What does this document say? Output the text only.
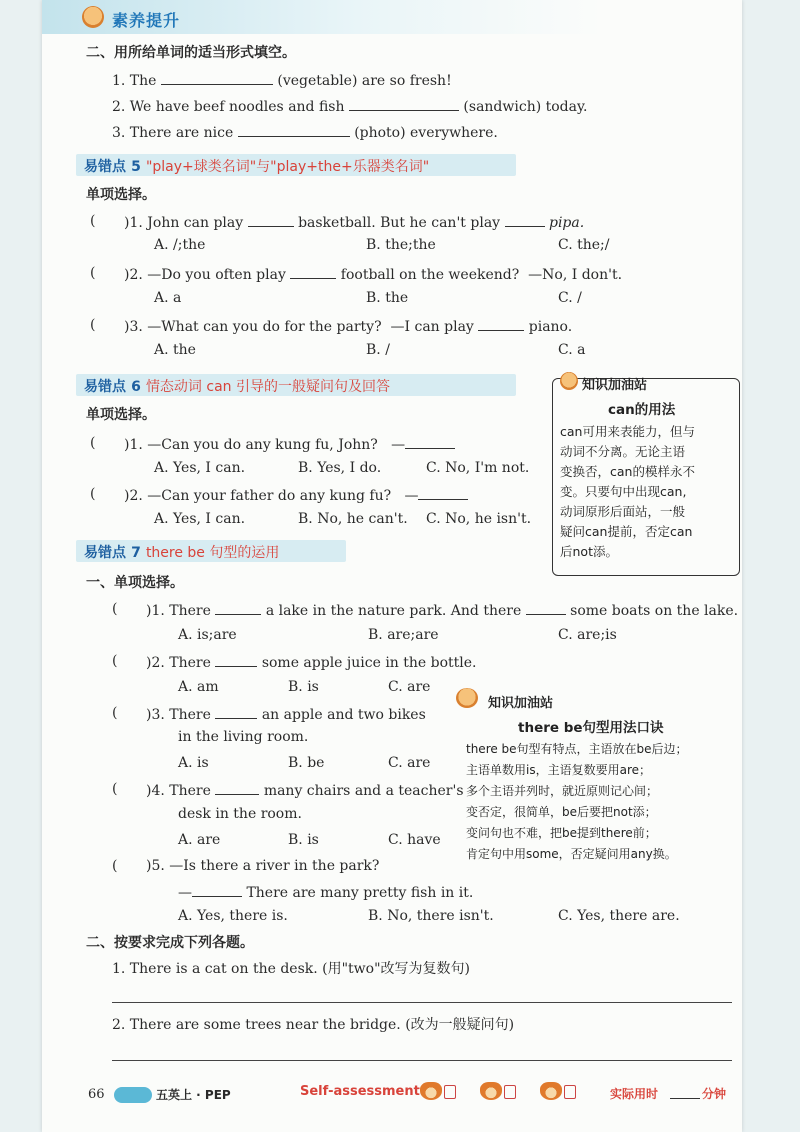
素养提升
二、用所给单词的适当形式填空。
1. The	(vegetable) are so fresh!
2. We have beef noodles and fish	(sandwich) today.
3. There are nice	(photo) everywhere.
易错点 5 "play+球类名词"与"play+the+乐器类名词"
单项选择。
( )1. John can play	basketball. But he can't play	pipa.
A. /;the	B. the;the	C. the;/
( )2. —Do you often play	football on the weekend? —No, I don't.
A. a	B. the	C. /
( )3. —What can you do for the party? —I can play	piano.
A. the	B. /	C. a
易错点 6 情态动词 can 引导的一般疑问句及回答
单项选择。
( )1. —Can you do any kung fu, John? —
A. Yes, I can.	B. Yes, I do.	C. No, I'm not.
( )2. —Can your father do any kung fu? —
A. Yes, I can.	B. No, he can't. C. No, he isn't.
知识加油站
can的用法
can可用来表能力，但与
动词不分离。无论主语
变换否，can的模样永不
变。只要句中出现can,
动词原形后面站，一般
疑问can提前，否定can
后not添。
易错点 7 there be 句型的运用
一、单项选择。
( )1. There	a lake in the nature park. And there	some boats on the lake.
A. is;are	B. are;are	C. are;is
( )2. There	some apple juice in the bottle.
A. am	B. is	C. are
( )3. There	an apple and two bikes
in the living room.
A. is	B. be	C. are
( )4. There	many chairs and a teacher's
desk in the room.
A. are	B. is	C. have
( )5. —Is there a river in the park?
—	There are many pretty fish in it.
A. Yes, there is.	B. No, there isn't.	C. Yes, there are.
知识加油站
there be句型用法口诀
there be句型有特点，主语放在be后边；
主语单数用is，主语复数要用are；
多个主语并列时，就近原则记心间；
变否定，很简单，be后要把not添；
变问句也不难，把be提到there前；
肯定句中用some，否定疑问用any换。
二、按要求完成下列各题。
1. There is a cat on the desk. (用"two"改写为复数句)
2. There are some trees near the bridge. (改为一般疑问句)
66	五英上 · PEP	Self-assessment	实际用时	分钟
